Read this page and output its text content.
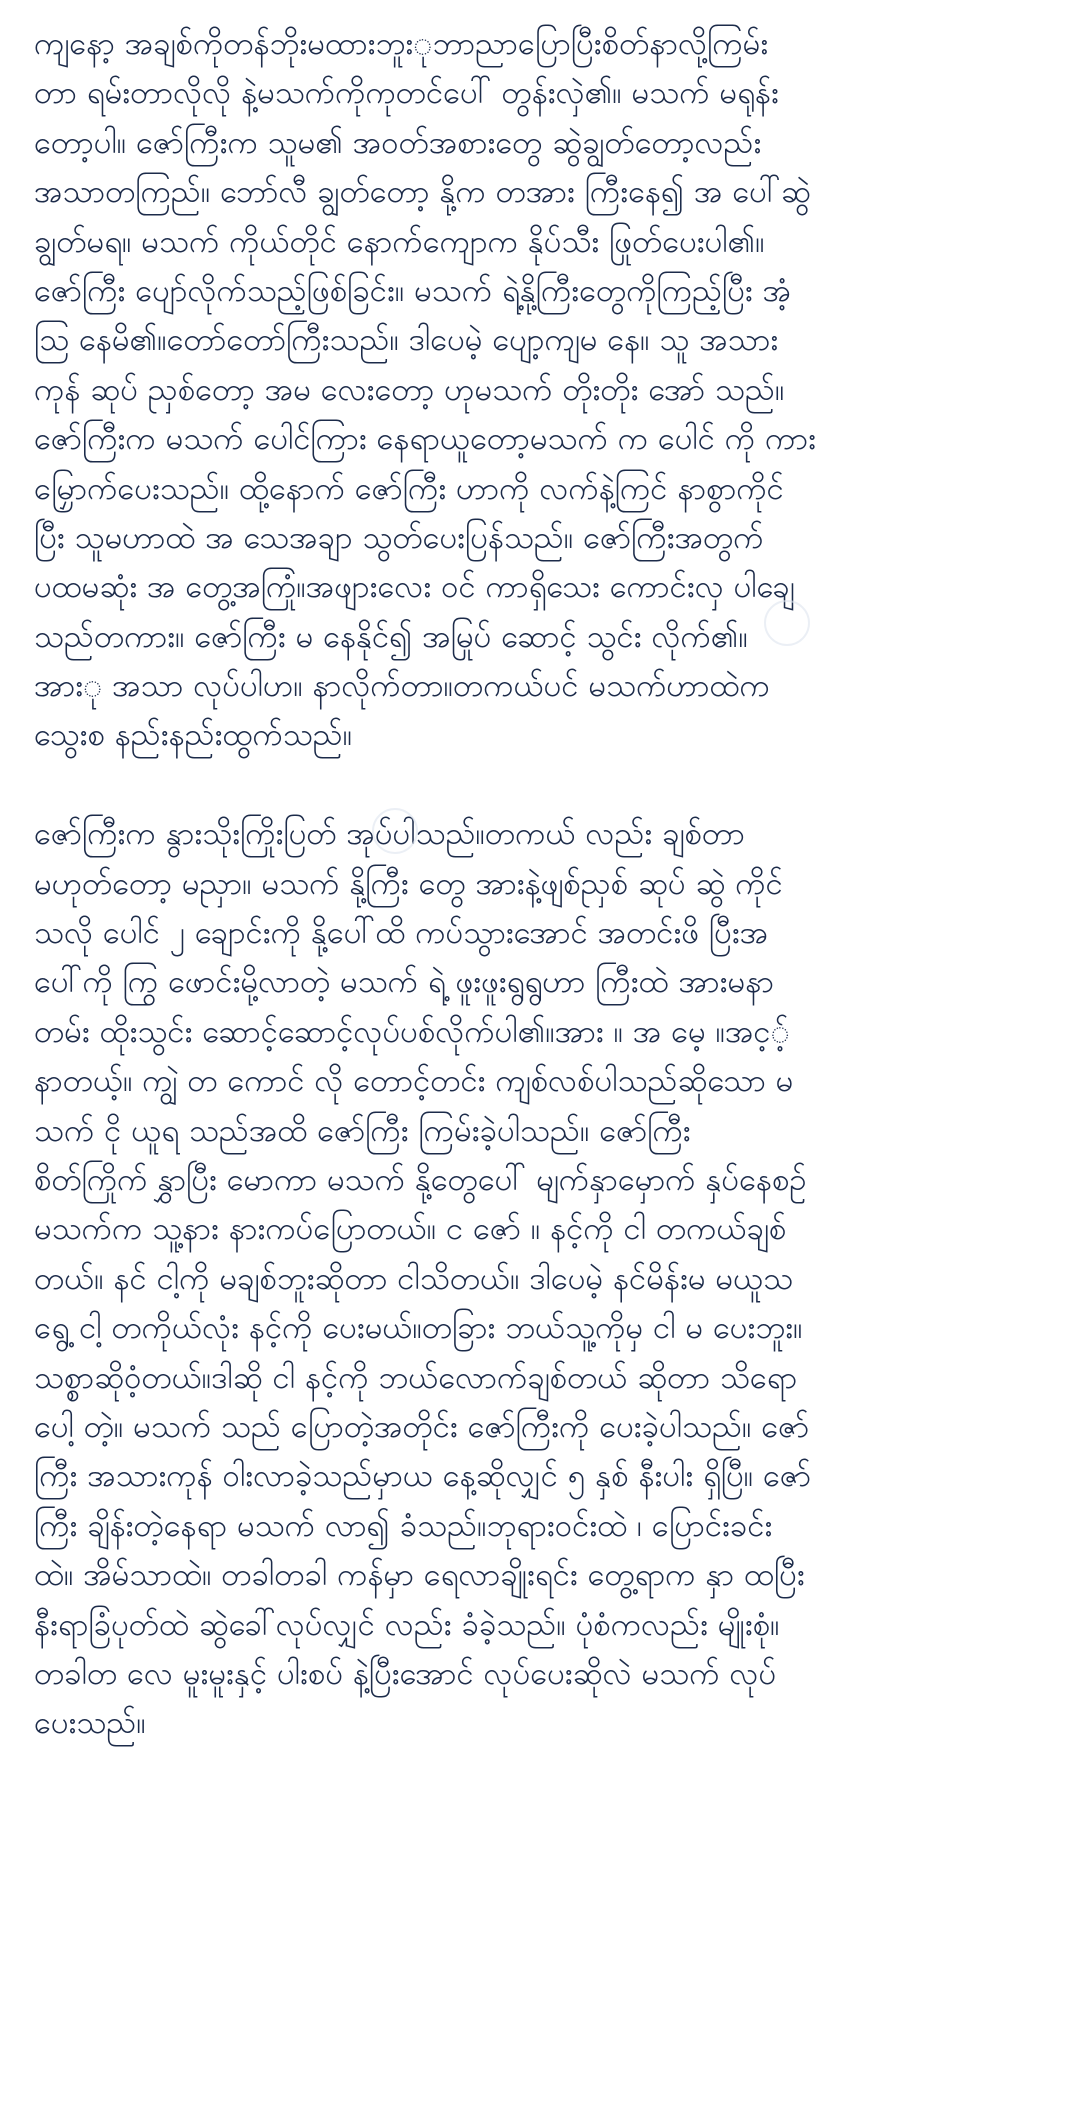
ကျနော့ အချစ်ကိုတန်ဘိုးမထားဘူးုဘာညာပြောပြီးစိတ်နာလို့ကြမ်း
တာ ရမ်းတာလိုလို နဲ့မသက်ကိုကုတင်ပေါ် တွန်းလှဲ၏။ မသက် မရုန်း
တော့ပါ။ ဇော်ကြီးက သူမ၏ အဝတ်အစားတွေ ဆွဲချွတ်တော့လည်း
အသာတကြည်။ ဘော်လီ ချွတ်တော့ နို့က တအား ကြီးနေ၍ အ ပေါ်ဆွဲ
ချွတ်မရ။ မသက် ကိုယ်တိုင် နောက်ကျောက နိုပ်သီး ဖြုတ်ပေးပါ၏။
ဇော်ကြီး ပျော်လိုက်သည့်ဖြစ်ခြင်း။ မသက် ရဲ့နို့ကြီးတွေကိုကြည့်ပြီး အံ့
သြ နေမိ၏။တော်တော်ကြီးသည်။ ဒါပေမဲ့ ပျော့ကျမ နေ။ သူ အသား
ကုန် ဆုပ် ညှစ်တော့ အမ လေးတော့ ဟုမသက် တိုးတိုး အော် သည်။
ဇော်ကြီးက မသက် ပေါင်ကြား နေရာယူတော့မသက် က ပေါင် ကို ကား
မြှောက်ပေးသည်။ ထို့နောက် ဇော်ကြီး ဟာကို လက်နဲ့ကြင် နာစွာကိုင်
ပြီး သူမဟာထဲ အ သေအချာ သွတ်ပေးပြန်သည်။ ဇော်ကြီးအတွက်
ပထမဆုံး အ တွေ့အကြုံ။အဖျားလေး ဝင် ကာရှိသေး ကောင်းလှ ပါချေ
သည်တကား။ ဇော်ကြီး မ နေနိုင်၍ အမြုပ် ဆောင့် သွင်း လိုက်၏။
အားု အသာ လုပ်ပါဟ။ နာလိုက်တာ။တကယ်ပင် မသက်ဟာထဲက
သွေးစ နည်းနည်းထွက်သည်။
ဇော်ကြီးက နွားသိုးကြိုးပြတ် အုပ်ပါသည်။တကယ် လည်း ချစ်တာ
မဟုတ်တော့ မညှာ။ မသက် နို့ကြီး တွေ အားနဲ့ဖျစ်ညှစ် ဆုပ် ဆွဲ ကိုင်
သလို ပေါင် ၂ ချောင်းကို နို့ပေါ်ထိ ကပ်သွားအောင် အတင်းဖိ ပြီးအ
ပေါ်ကို ကြွ ဖောင်းမို့လာတဲ့ မသက် ရဲ့ ဖူးဖူးရွရွဟာ ကြီးထဲ အားမနာ
တမ်း ထိုးသွင်း ဆောင့်ဆောင့်လုပ်ပစ်လိုက်ပါ၏။အား ။ အ မေ့ ။အင့့်
နာတယ့်။ ကျွဲ တ ကောင် လို တောင့်တင်း ကျစ်လစ်ပါသည်ဆိုသော မ
သက် ငို ယူရ သည်အထိ ဇော်ကြီး ကြမ်းခဲ့ပါသည်။ ဇော်ကြီး
စိတ်ကြိုက် နွှာပြီး မောကာ မသက် နို့တွေပေါ် မျက်နှာမှောက် နှပ်နေစဉ်
မသက်က သူ့နား နားကပ်ပြောတယ်။ င ဇော် ။ နင့်ကို ငါ တကယ်ချစ်
တယ်။ နင် ငါ့ကို မချစ်ဘူးဆိုတာ ငါသိတယ်။ ဒါပေမဲ့ နင်မိန်းမ မယူသ
ရွေ့ ငါ့ တကိုယ်လုံး နင့်ကို ပေးမယ်။တခြား ဘယ်သူ့ကိုမှ ငါ မ ပေးဘူး။
သစ္စာဆိုဝံ့တယ်။ဒါဆို ငါ နင့်ကို ဘယ်လောက်ချစ်တယ် ဆိုတာ သိရော
ပေါ့ တဲ့။ မသက် သည် ပြောတဲ့အတိုင်း ဇော်ကြီးကို ပေးခဲ့ပါသည်။ ဇော်
ကြီး အသားကုန် ဝါးလာခဲ့သည်မှာယ နေ့ဆိုလျှင် ၅ နှစ် နီးပါး ရှိပြီ။ ဇော်
ကြီး ချိန်းတဲ့နေရာ မသက် လာ၍ ခံသည်။ဘုရားဝင်းထဲ ၊ ပြောင်းခင်း
ထဲ။ အိမ်သာထဲ။ တခါတခါ ကန်မှာ ရေလာချိုးရင်း တွေ့ရာက နှာ ထပြီး
နီးရာခြံပုတ်ထဲ ဆွဲခေါ်လုပ်လျှင် လည်း ခံခဲ့သည်။ ပုံစံကလည်း မျိုးစုံ။
တခါတ လေ မူးမူးနှင့် ပါးစပ် နဲ့ပြီးအောင် လုပ်ပေးဆိုလဲ မသက် လုပ်
ပေးသည်။
